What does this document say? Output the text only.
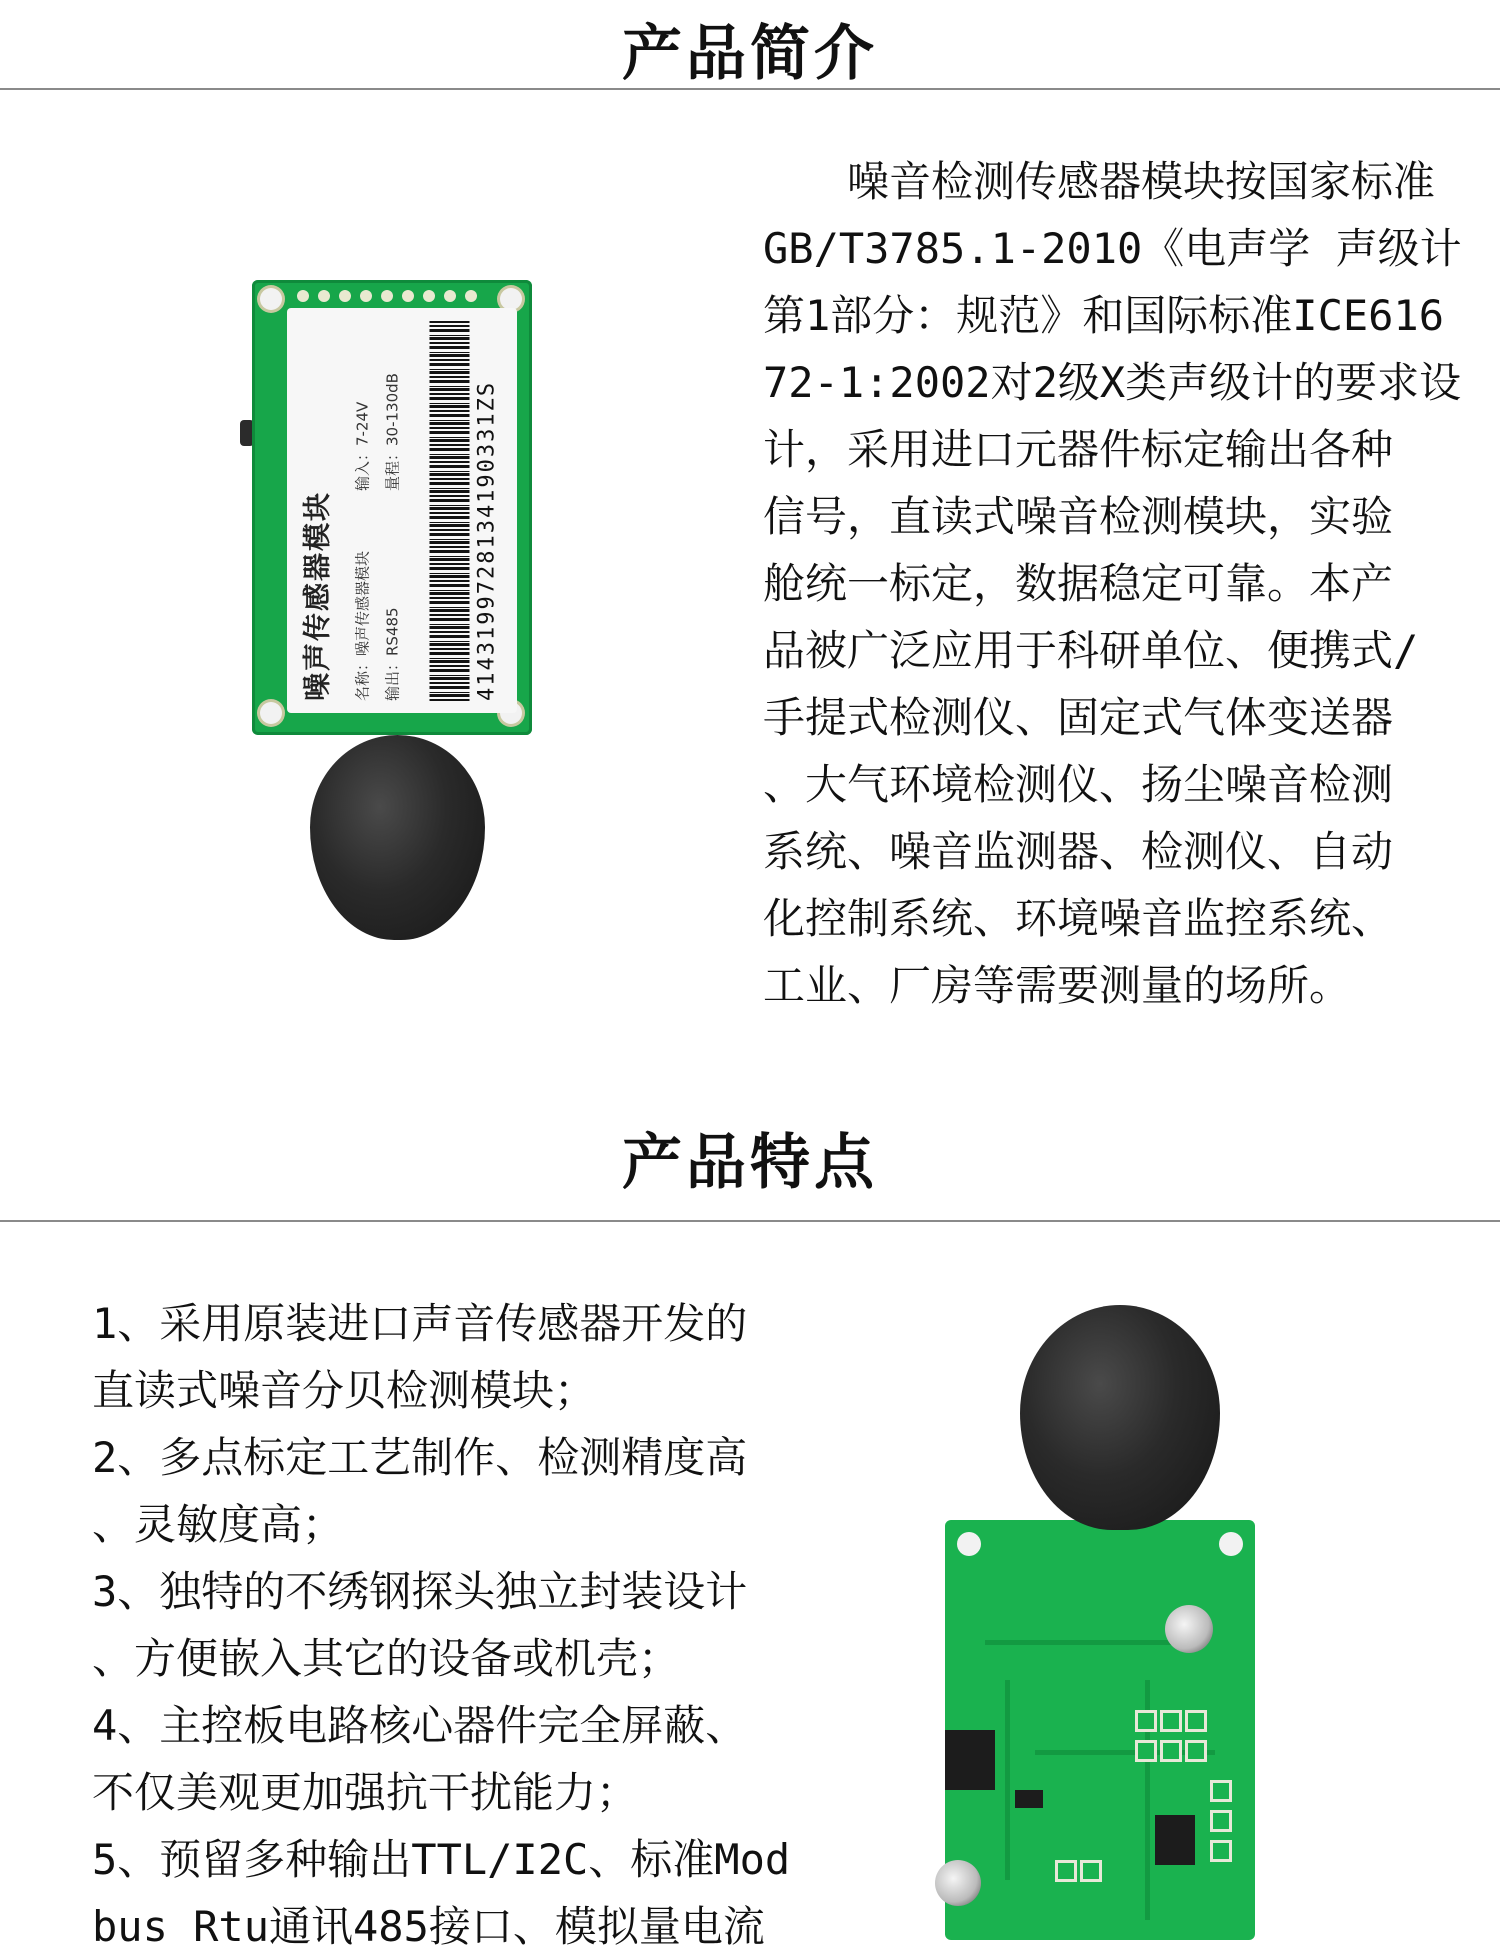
产品简介
噪声传感器模块 名称：噪声传感器模块 输出：RS485
输入：7-24V 量程：30-130dB	4143199728134190331ZS
　　噪音检测传感器模块按国家标准
GB/T3785.1-2010《电声学 声级计
第1部分：规范》和国际标准ICE616
72-1:2002对2级X类声级计的要求设
计，采用进口元器件标定输出各种
信号，直读式噪音检测模块，实验
舱统一标定，数据稳定可靠。本产
品被广泛应用于科研单位、便携式/
手提式检测仪、固定式气体变送器
、大气环境检测仪、扬尘噪音检测
系统、噪音监测器、检测仪、自动
化控制系统、环境噪音监控系统、
工业、厂房等需要测量的场所。
产品特点
1、采用原装进口声音传感器开发的
直读式噪音分贝检测模块；
2、多点标定工艺制作、检测精度高
、灵敏度高；
3、独特的不绣钢探头独立封装设计
、方便嵌入其它的设备或机壳；
4、主控板电路核心器件完全屏蔽、
不仅美观更加强抗干扰能力；
5、预留多种输出TTL/I2C、标准Mod
bus Rtu通讯485接口、模拟量电流
